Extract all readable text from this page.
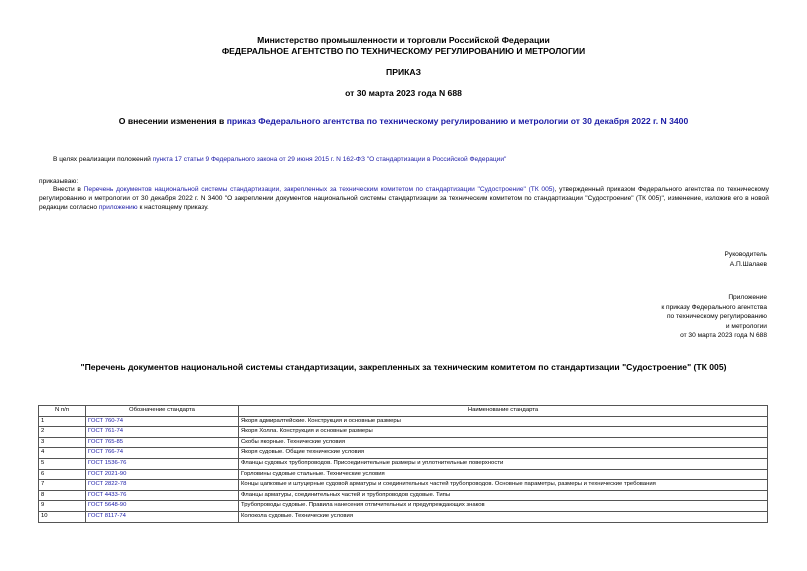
Министерство промышленности и торговли Российской Федерации
ФЕДЕРАЛЬНОЕ АГЕНТСТВО ПО ТЕХНИЧЕСКОМУ РЕГУЛИРОВАНИЮ И МЕТРОЛОГИИ
ПРИКАЗ
от 30 марта 2023 года N 688
О внесении изменения в приказ Федерального агентства по техническому регулированию и метрологии от 30 декабря 2022 г. N 3400
В целях реализации положений пункта 17 статьи 9 Федерального закона от 29 июня 2015 г. N 162-ФЗ "О стандартизации в Российской Федерации"
приказываю:
Внести в Перечень документов национальной системы стандартизации, закрепленных за техническим комитетом по стандартизации "Судостроение" (ТК 005), утвержденный приказом Федерального агентства по техническому регулированию и метрологии от 30 декабря 2022 г. N 3400 "О закреплении документов национальной системы стандартизации за техническим комитетом по стандартизации "Судостроение" (ТК 005)", изменение, изложив его в новой редакции согласно приложению к настоящему приказу.
Руководитель
А.П.Шалаев
Приложение
к приказу Федерального агентства
по техническому регулированию
и метрологии
от 30 марта 2023 года N 688
"Перечень документов национальной системы стандартизации, закрепленных за техническим комитетом по стандартизации "Судостроение" (ТК 005)
N п/п	Обозначение стандарта	Наименование стандарта
1	ГОСТ 760-74	Якоря адмиралтейские. Конструкция и основные размеры
2	ГОСТ 761-74	Якоря Холла. Конструкция и основные размеры
3	ГОСТ 765-85	Скобы якорные. Технические условия
4	ГОСТ 766-74	Якоря судовые. Общие технические условия
5	ГОСТ 1536-76	Фланцы судовых трубопроводов. Присоединительные размеры и уплотнительные поверхности
6	ГОСТ 2021-90	Горловины судовые стальные. Технические условия
7	ГОСТ 2822-78	Концы цапковые и штуцерные судовой арматуры и соединительных частей трубопроводов. Основные параметры, размеры и технические требования
8	ГОСТ 4433-76	Фланцы арматуры, соединительных частей и трубопроводов судовые. Типы
9	ГОСТ 5648-90	Трубопроводы судовые. Правила нанесения отличительных и предупреждающих знаков
10	ГОСТ 8117-74	Колокола судовые. Технические условия
